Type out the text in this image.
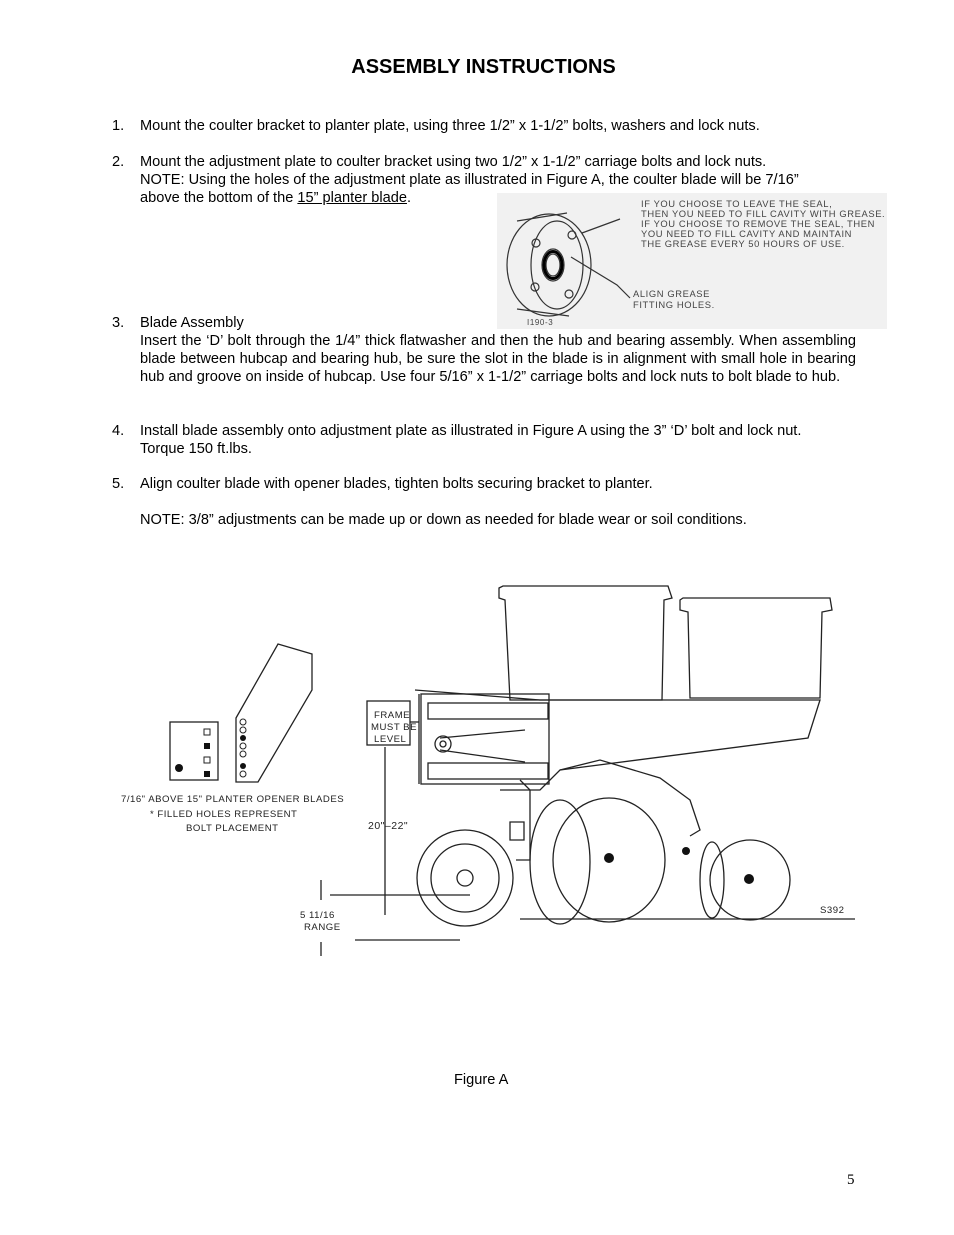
ASSEMBLY INSTRUCTIONS
1. Mount the coulter bracket to planter plate, using three 1/2” x 1-1/2” bolts, washers and lock nuts.
2. Mount the adjustment plate to coulter bracket using two 1/2” x 1-1/2” carriage bolts and lock nuts.
NOTE: Using the holes of the adjustment plate as illustrated in Figure A, the coulter blade will be 7/16”
above the bottom of the 15” planter blade.	IF YOU CHOOSE TO LEAVE THE SEAL,
THEN YOU NEED TO FILL CAVITY WITH GREASE.
IF YOU CHOOSE TO REMOVE THE SEAL, THEN
YOU NEED TO FILL CAVITY AND MAINTAIN
THE GREASE EVERY 50 HOURS OF USE.
ALIGN GREASE
FITTING HOLES.
I190-3
3. Blade Assembly
Insert the ‘D’ bolt through the 1/4” thick flatwasher and then the hub and bearing assembly. When assembling blade between hubcap and bearing hub, be sure the slot in the blade is in alignment with small hole in bearing hub and groove on inside of hubcap. Use four 5/16” x 1-1/2” carriage bolts and lock nuts to bolt blade to hub.
4. Install blade assembly onto adjustment plate as illustrated in Figure A using the 3” ‘D’ bolt and lock nut.
Torque 150 ft.lbs.
5. Align coulter blade with opener blades, tighten bolts securing bracket to planter.
NOTE: 3/8” adjustments can be made up or down as needed for blade wear or soil conditions.
FRAME
MUST BE
LEVEL
7/16" ABOVE 15" PLANTER OPENER BLADES
* FILLED HOLES REPRESENT
BOLT PLACEMENT	20"–22"
5 11/16
RANGE
S392
Figure A
5
